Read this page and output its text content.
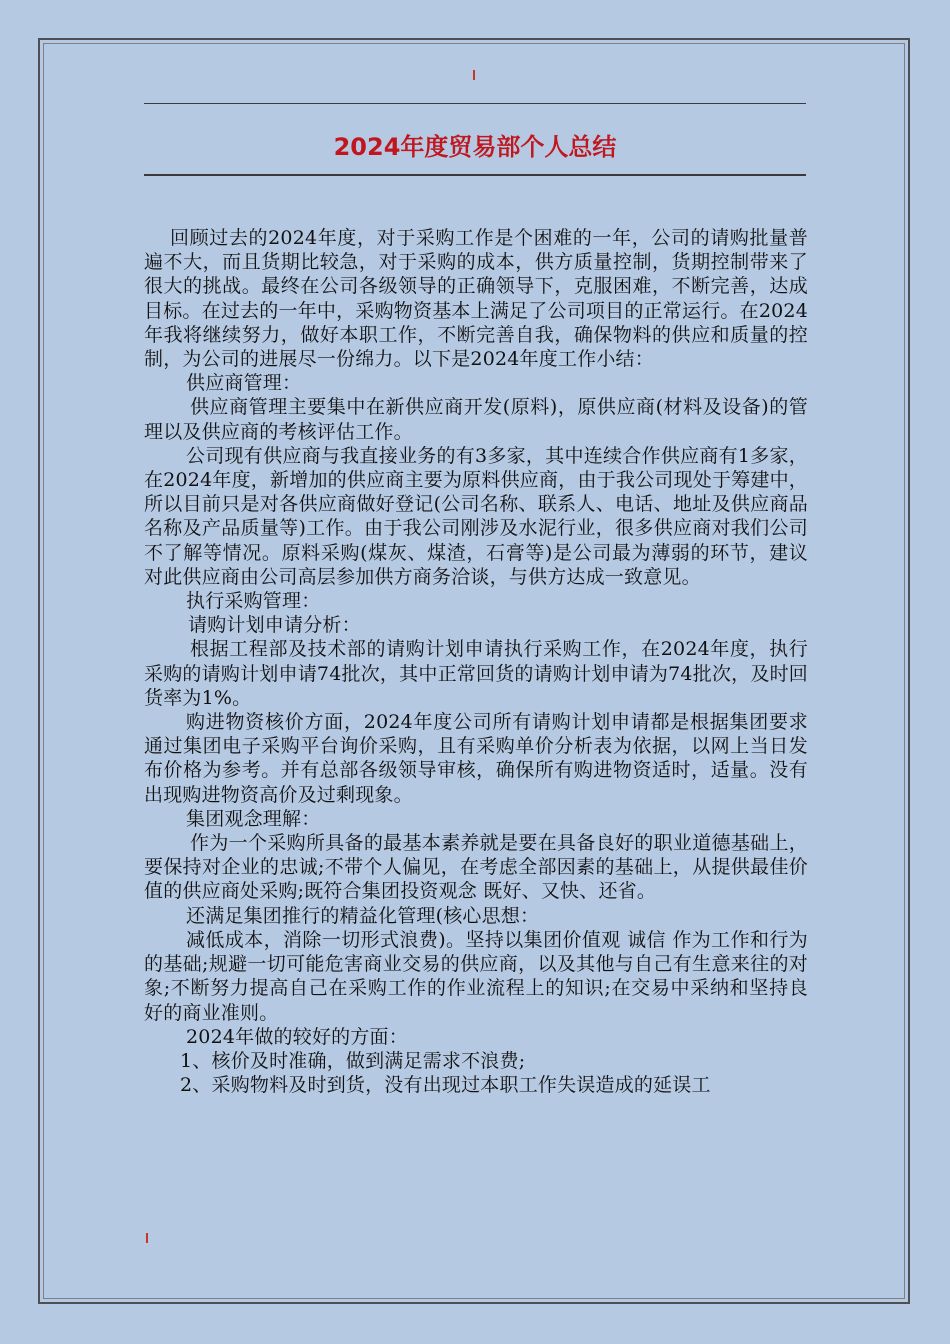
2024年度贸易部个人总结

回顾过去的2024年度，对于采购工作是个困难的一年，公司的请购批量普遍不大，而且货期比较急，对于采购的成本，供方质量控制，货期控制带来了很大的挑战。最终在公司各级领导的正确领导下，克服困难，不断完善，达成目标。在过去的一年中，采购物资基本上满足了公司项目的正常运行。在2024年我将继续努力，做好本职工作，不断完善自我，确保物料的供应和质量的控制，为公司的进展尽一份绵力。以下是2024年度工作小结：

供应商管理：

供应商管理主要集中在新供应商开发(原料)，原供应商(材料及设备)的管理以及供应商的考核评估工作。

公司现有供应商与我直接业务的有3多家，其中连续合作供应商有1多家，在2024年度，新增加的供应商主要为原料供应商，由于我公司现处于筹建中，所以目前只是对各供应商做好登记(公司名称、联系人、电话、地址及供应商品名称及产品质量等)工作。由于我公司刚涉及水泥行业，很多供应商对我们公司不了解等情况。原料采购(煤灰、煤渣，石膏等)是公司最为薄弱的环节，建议对此供应商由公司高层参加供方商务洽谈，与供方达成一致意见。

执行采购管理：

请购计划申请分析：

根据工程部及技术部的请购计划申请执行采购工作，在2024年度，执行采购的请购计划申请74批次，其中正常回货的请购计划申请为74批次，及时回货率为1%。

购进物资核价方面，2024年度公司所有请购计划申请都是根据集团要求通过集团电子采购平台询价采购，且有采购单价分析表为依据，以网上当日发布价格为参考。并有总部各级领导审核，确保所有购进物资适时，适量。没有出现购进物资高价及过剩现象。

集团观念理解：

作为一个采购所具备的最基本素养就是要在具备良好的职业道德基础上，要保持对企业的忠诚;不带个人偏见，在考虑全部因素的基础上，从提供最佳价值的供应商处采购;既符合集团投资观念 既好、又快、还省。

还满足集团推行的精益化管理(核心思想：

减低成本，消除一切形式浪费)。坚持以集团价值观 诚信 作为工作和行为的基础;规避一切可能危害商业交易的供应商，以及其他与自己有生意来往的对象;不断努力提高自己在采购工作的作业流程上的知识;在交易中采纳和坚持良好的商业准则。

2024年做的较好的方面：

1、核价及时准确，做到满足需求不浪费;

2、采购物料及时到货，没有出现过本职工作失误造成的延误工
